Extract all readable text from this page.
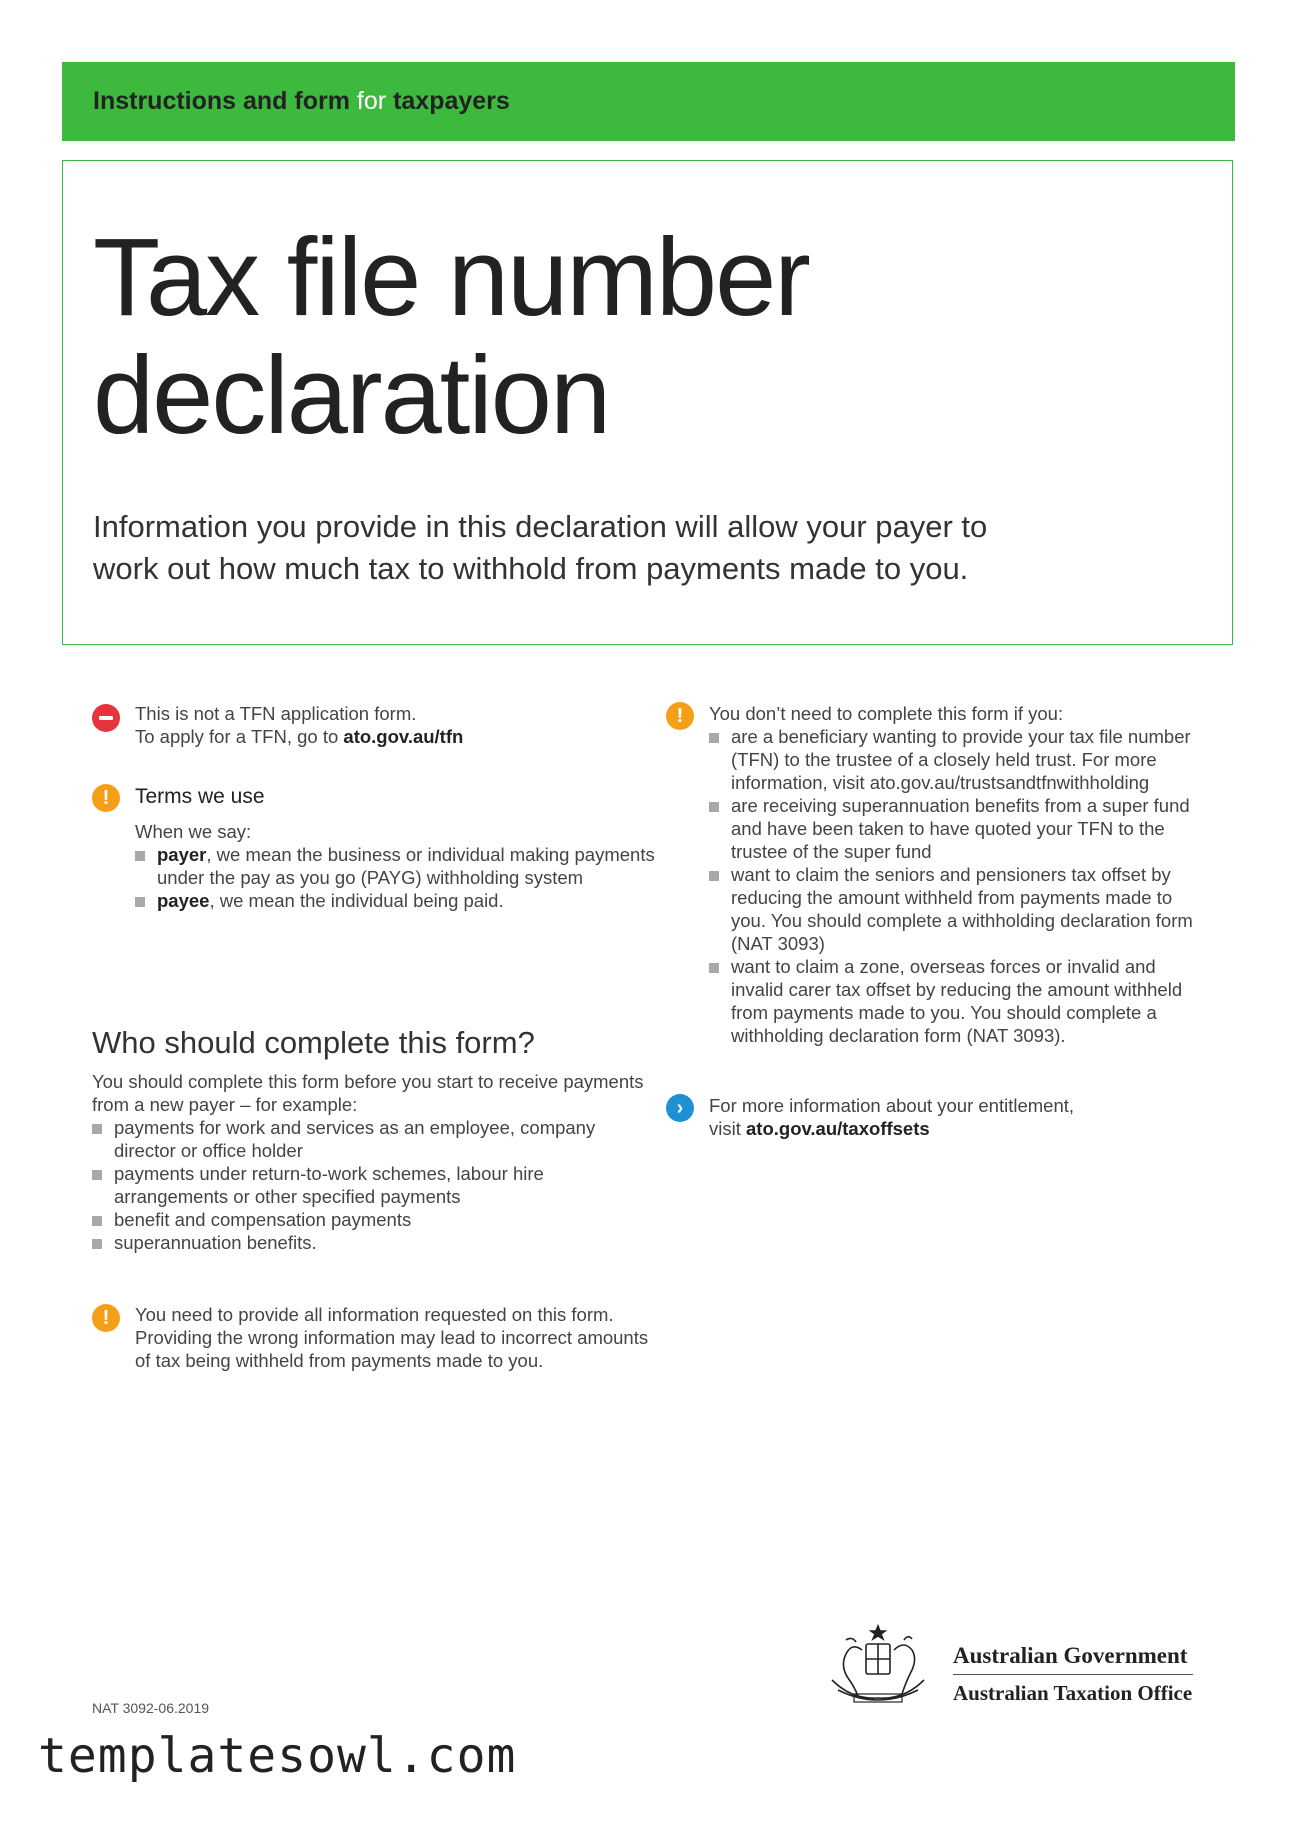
Instructions and form for taxpayers
Tax file number
declaration

Information you provide in this declaration will allow your payer to work out how much tax to withhold from payments made to you.

This is not a TFN application form.

To apply for a TFN, go to ato.gov.au/tfn

!	Terms we use

When we say:

payer, we mean the business or individual making payments under the pay as you go (PAYG) withholding system
payee, we mean the individual being paid.

Who should complete this form?

You should complete this form before you start to receive payments from a new payer – for example:

payments for work and services as an employee, company director or office holder
payments under return-to-work schemes, labour hire arrangements or other specified payments
benefit and compensation payments
superannuation benefits.
!	You need to provide all information requested on this form. Providing the wrong information may lead to incorrect amounts of tax being withheld from payments made to you.

!	You don’t need to complete this form if you:

are a beneficiary wanting to provide your tax file number (TFN) to the trustee of a closely held trust. For more information, visit ato.gov.au/trustsandtfnwithholding
are receiving superannuation benefits from a super fund and have been taken to have quoted your TFN to the trustee of the super fund
want to claim the seniors and pensioners tax offset by reducing the amount withheld from payments made to you. You should complete a withholding declaration form (NAT 3093)
want to claim a zone, overseas forces or invalid and invalid carer tax offset by reducing the amount withheld from payments made to you. You should complete a withholding declaration form (NAT 3093).
›	For more information about your entitlement,

visit ato.gov.au/taxoffsets

NAT 3092-06.2019
Australian Government
Australian Taxation Office
templatesowl.com
